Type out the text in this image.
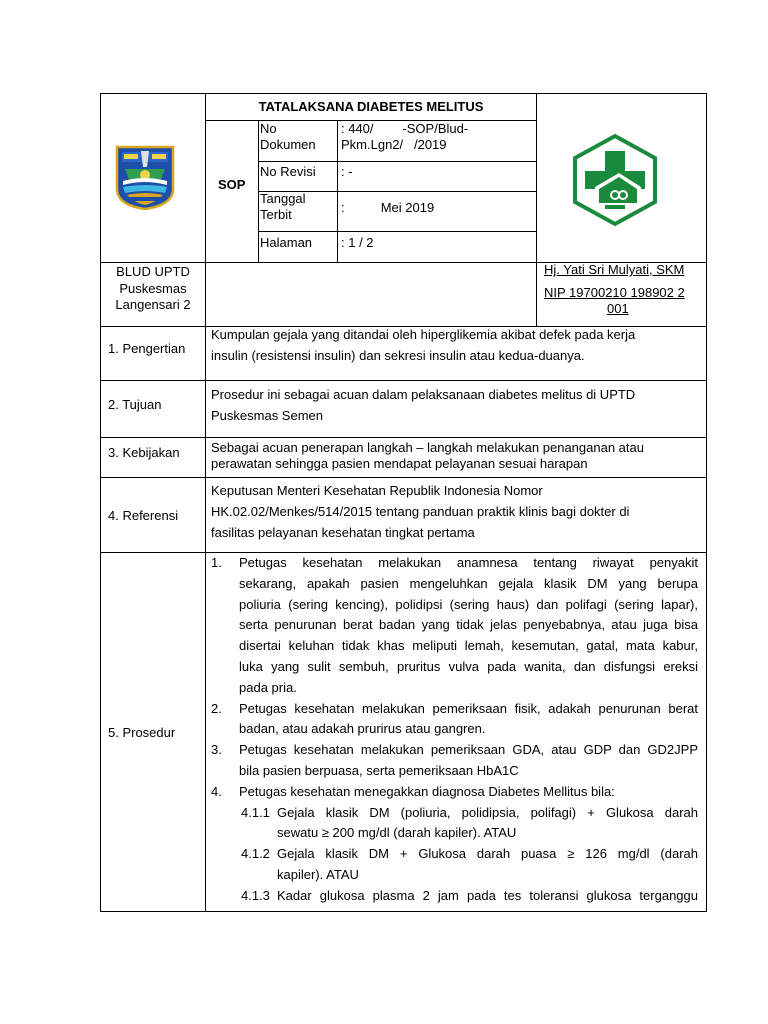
TATALAKSANA DIABETES MELITUS
SOP
No
Dokumen
: 440/        -SOP/Blud-
Pkm.Lgn2/   /2019
No Revisi : -
Tanggal
Terbit	:          Mei 2019
Halaman : 1 / 2
BLUD UPTD
Puskesmas
Langensari 2
Hj. Yati Sri Mulyati, SKM
NIP 19700210 198902 2
001
1. Pengertian
2. Tujuan
3. Kebijakan
4. Referensi
5. Prosedur
Kumpulan gejala yang ditandai oleh hiperglikemia akibat defek pada kerja
insulin (resistensi insulin) dan sekresi insulin atau kedua-duanya.
Prosedur ini sebagai acuan dalam pelaksanaan diabetes melitus di UPTD
Puskesmas Semen
Sebagai acuan penerapan langkah – langkah melakukan penanganan atau
perawatan sehingga pasien mendapat pelayanan sesuai harapan
Keputusan Menteri Kesehatan Republik Indonesia Nomor
HK.02.02/Menkes/514/2015 tentang panduan praktik klinis bagi dokter di
fasilitas pelayanan kesehatan tingkat pertama
1. Petugas kesehatan melakukan anamnesa tentang riwayat penyakit
sekarang, apakah pasien mengeluhkan gejala klasik DM yang berupa
poliuria (sering kencing), polidipsi (sering haus) dan polifagi (sering lapar),
serta penurunan berat badan yang tidak jelas penyebabnya, atau juga bisa
disertai keluhan tidak khas meliputi lemah, kesemutan, gatal, mata kabur,
luka yang sulit sembuh, pruritus vulva pada wanita, dan disfungsi ereksi
pada pria.
2. Petugas kesehatan melakukan pemeriksaan fisik, adakah penurunan berat
badan, atau adakah prurirus atau gangren.
3. Petugas kesehatan melakukan pemeriksaan GDA, atau GDP dan GD2JPP
bila pasien berpuasa, serta pemeriksaan HbA1C
4. Petugas kesehatan menegakkan diagnosa Diabetes Mellitus bila:
4.1.1 Gejala klasik DM (poliuria, polidipsia, polifagi) + Glukosa darah
sewatu ≥ 200 mg/dl (darah kapiler). ATAU
4.1.2 Gejala klasik DM + Glukosa darah puasa ≥ 126 mg/dl (darah
kapiler). ATAU
4.1.3 Kadar glukosa plasma 2 jam pada tes toleransi glukosa terganggu
